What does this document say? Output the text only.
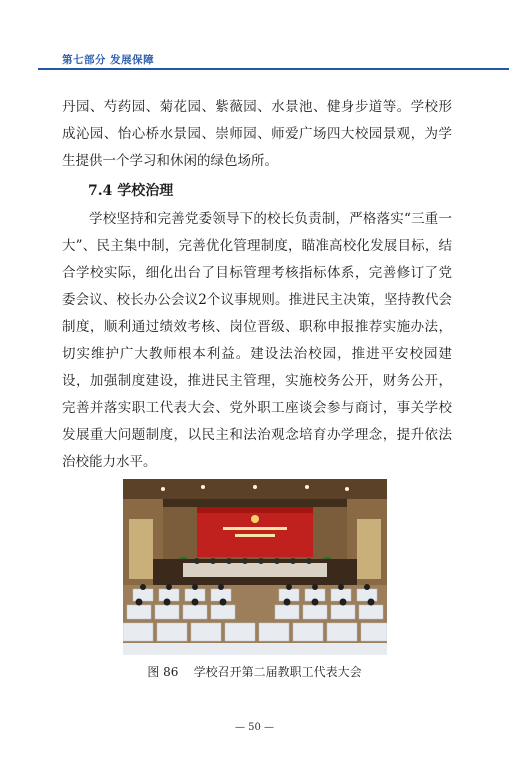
第七部分 发展保障

丹园、芍药园、菊花园、紫薇园、水景池、健身步道等。学校形成沁园、怡心桥水景园、崇师园、师爱广场四大校园景观，为学生提供一个学习和休闲的绿色场所。

7.4 学校治理

学校坚持和完善党委领导下的校长负责制，严格落实“三重一大”、民主集中制，完善优化管理制度，瞄准高校化发展目标，结合学校实际，细化出台了目标管理考核指标体系，完善修订了党委会议、校长办公会议2个议事规则。推进民主决策，坚持教代会制度，顺利通过绩效考核、岗位晋级、职称申报推荐实施办法，切实维护广大教师根本利益。建设法治校园，推进平安校园建设，加强制度建设，推进民主管理，实施校务公开，财务公开，完善并落实职工代表大会、党外职工座谈会参与商讨，事关学校发展重大问题制度，以民主和法治观念培育办学理念，提升依法治校能力水平。

图 86 学校召开第二届教职工代表大会
— 50 —
